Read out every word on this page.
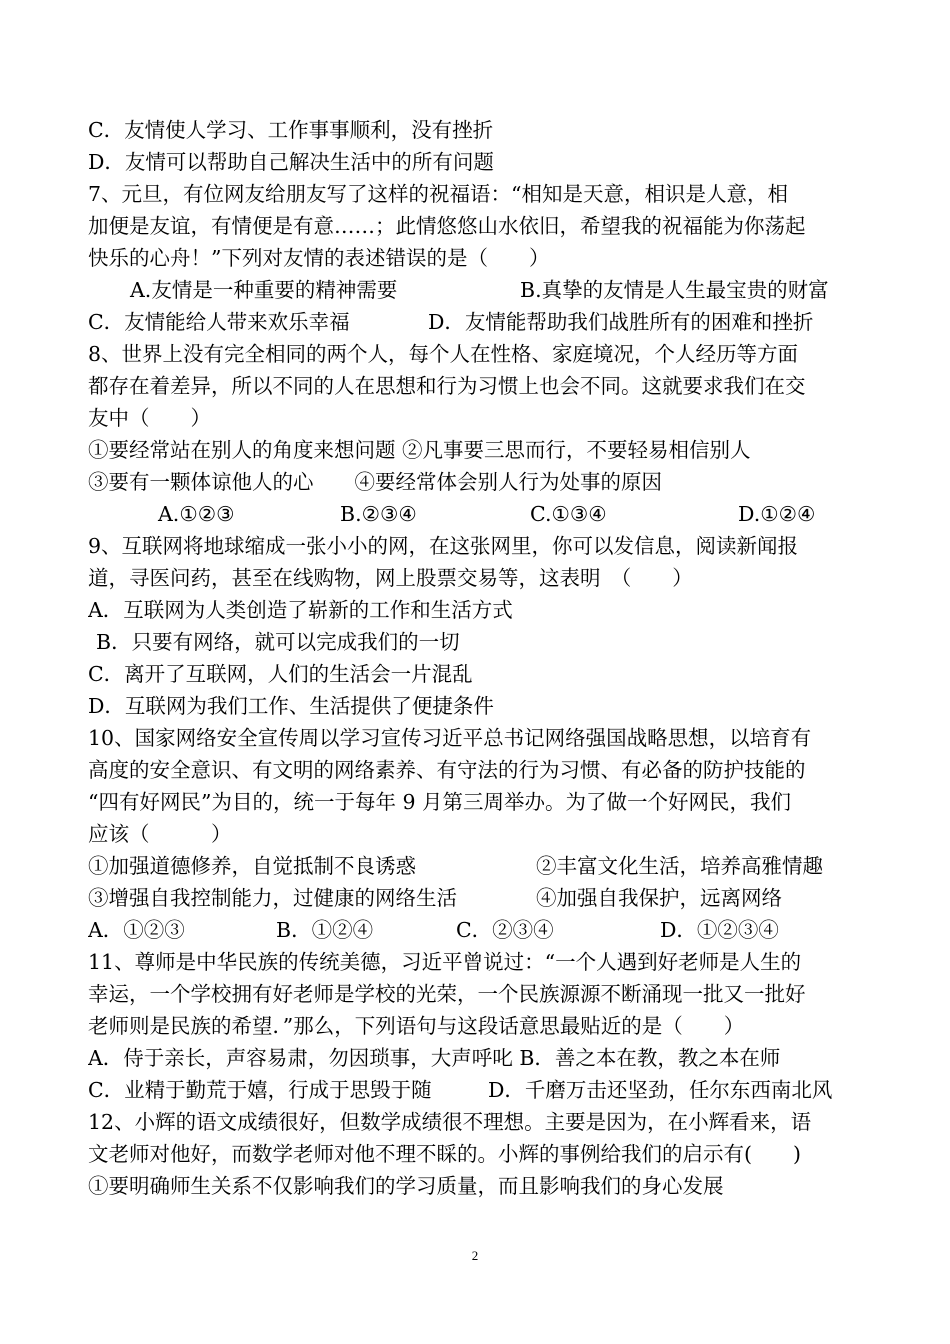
C．友情使人学习、工作事事顺利，没有挫折
D．友情可以帮助自己解决生活中的所有问题
7、元旦，有位网友给朋友写了这样的祝福语：“相知是天意，相识是人意，相
加便是友谊，有情便是有意……；此情悠悠山水依旧，希望我的祝福能为你荡起
快乐的心舟！”下列对友情的表述错误的是（　　）
A.友情是一种重要的精神需要	B.真挚的友情是人生最宝贵的财富
C．友情能给人带来欢乐幸福	D．友情能帮助我们战胜所有的困难和挫折
8、世界上没有完全相同的两个人，每个人在性格、家庭境况，个人经历等方面
都存在着差异，所以不同的人在思想和行为习惯上也会不同。这就要求我们在交
友中（　　）
①要经常站在别人的角度来想问题 ②凡事要三思而行，不要轻易相信别人
③要有一颗体谅他人的心　　④要经常体会别人行为处事的原因
A.①②③	B.②③④	C.①③④	D.①②④
9、互联网将地球缩成一张小小的网，在这张网里，你可以发信息，阅读新闻报
道，寻医问药，甚至在线购物，网上股票交易等，这表明　（　　）
A．互联网为人类创造了崭新的工作和生活方式
B．只要有网络，就可以完成我们的一切
C．离开了互联网，人们的生活会一片混乱
D．互联网为我们工作、生活提供了便捷条件
10、国家网络安全宣传周以学习宣传习近平总书记网络强国战略思想，以培育有
高度的安全意识、有文明的网络素养、有守法的行为习惯、有必备的防护技能的
“四有好网民”为目的，统一于每年 9 月第三周举办。为了做一个好网民，我们
应该（　　　）
①加强道德修养，自觉抵制不良诱惑	②丰富文化生活，培养高雅情趣
③增强自我控制能力，过健康的网络生活	④加强自我保护，远离网络
A．①②③	B．①②④	C．②③④	D．①②③④
11、尊师是中华民族的传统美德，习近平曾说过：“一个人遇到好老师是人生的
幸运，一个学校拥有好老师是学校的光荣，一个民族源源不断涌现一批又一批好
老师则是民族的希望．”那么，下列语句与这段话意思最贴近的是（　　）
A．侍于亲长，声容易肃，勿因琐事，大声呼叱 B．善之本在教，教之本在师
C．业精于勤荒于嬉，行成于思毁于随	D．千磨万击还坚劲，任尔东西南北风
12、小辉的语文成绩很好，但数学成绩很不理想。主要是因为，在小辉看来，语
文老师对他好，而数学老师对他不理不睬的。小辉的事例给我们的启示有(　　)
①要明确师生关系不仅影响我们的学习质量，而且影响我们的身心发展
2
